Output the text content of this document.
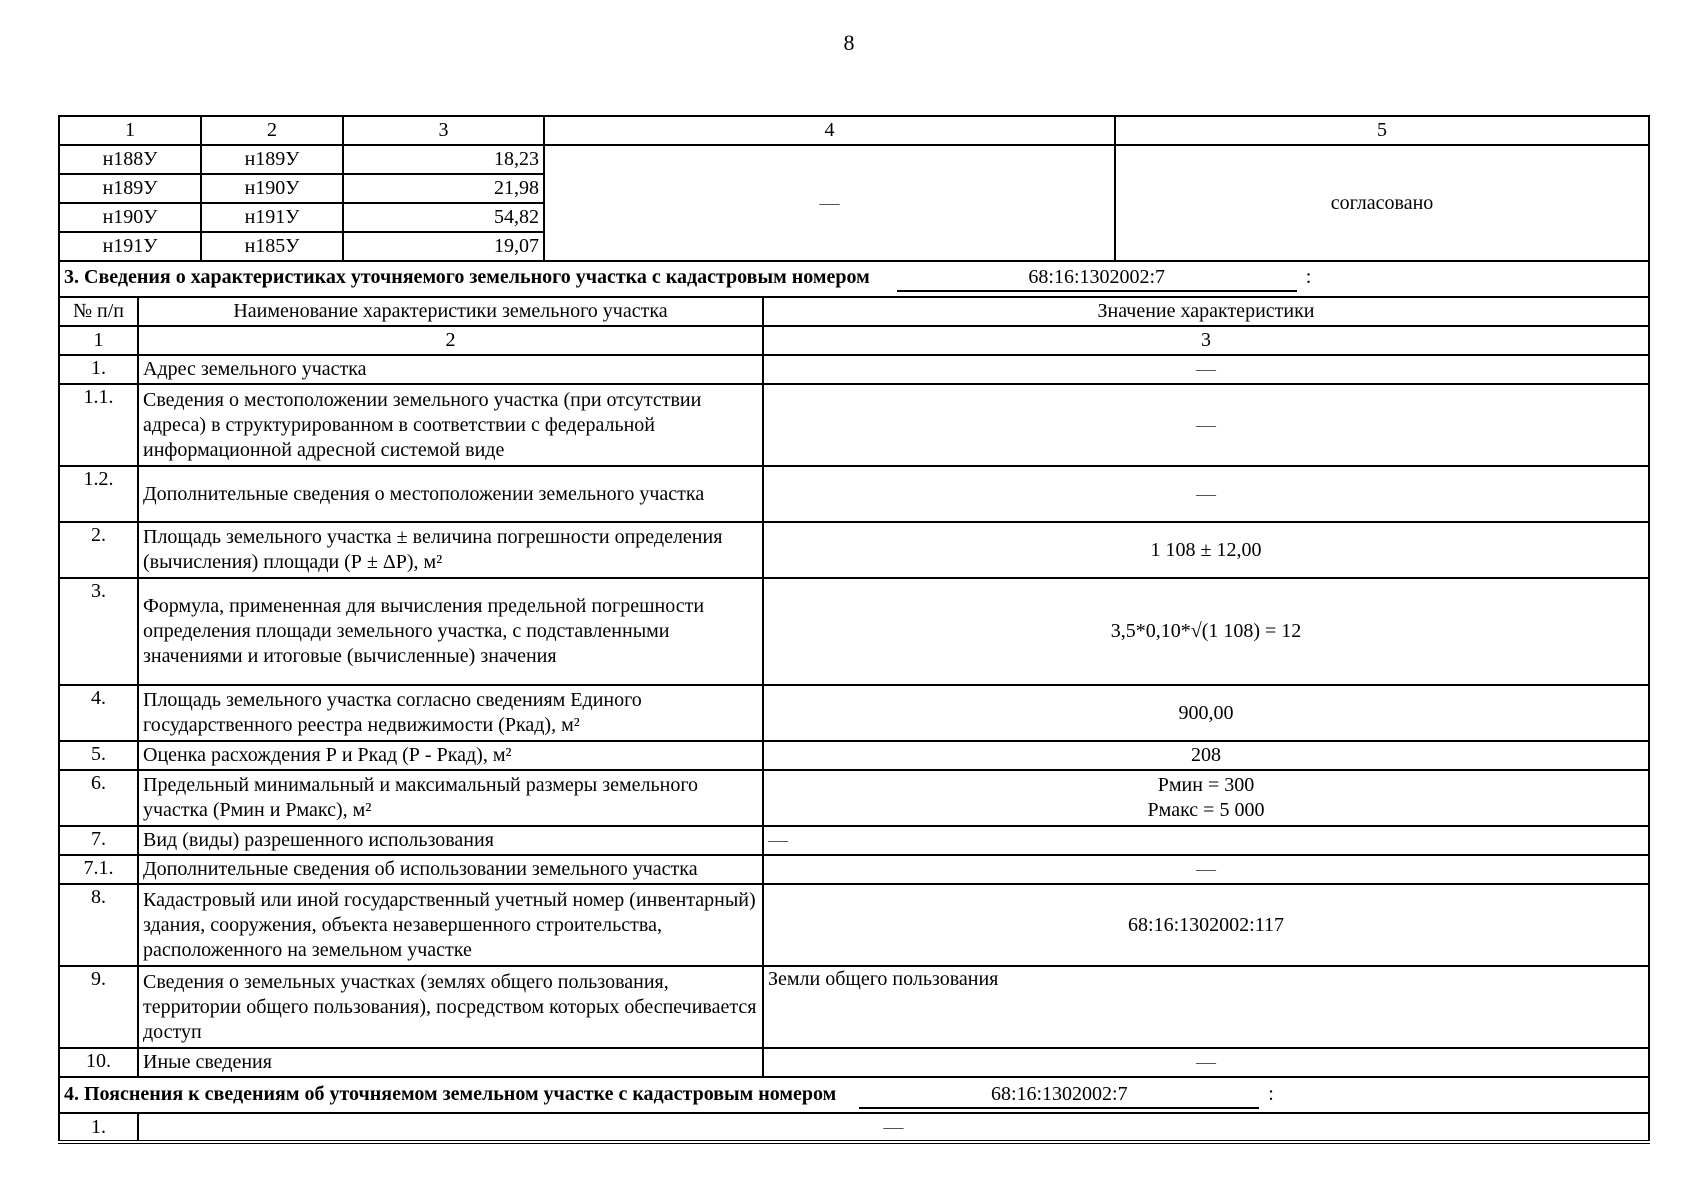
8
1	2	3	4	5
н188У	н189У	18,23	—	согласовано
н189У	н190У	21,98		
н190У	н191У	54,82		
н191У	н185У	19,07		
3. Сведения о характеристиках уточняемого земельного участка с кадастровым номером 68:16:1302002:7 :		
№ п/п	Наименование характеристики земельного участка	Значение характеристики
1	2	3
1.	Адрес земельного участка	—
1.1.	Сведения о местоположении земельного участка (при отсутствии адреса) в структурированном в соответствии с федеральной информационной адресной системой виде	—
1.2.	Дополнительные сведения о местоположении земельного участка	—
2.	Площадь земельного участка ± величина погрешности определения (вычисления) площади (Р ± ΔР), м²	1 108 ± 12,00
3.	Формула, примененная для вычисления предельной погрешности определения площади земельного участка, с подставленными значениями и итоговые (вычисленные) значения	3,5*0,10*√(1 108) = 12
4.	Площадь земельного участка согласно сведениям Единого государственного реестра недвижимости (Ркад), м²	900,00
5.	Оценка расхождения Р и Ркад (Р - Ркад), м²	208
6.	Предельный минимальный и максимальный размеры земельного участка (Рмин и Рмакс), м²	Рмин = 300
Рмакс = 5 000

7.	Вид (виды) разрешенного использования	—
7.1.	Дополнительные сведения об использовании земельного участка	—
8.	Кадастровый или иной государственный учетный номер (инвентарный) здания, сооружения, объекта незавершенного строительства, расположенного на земельном участке	68:16:1302002:117
9.	Сведения о земельных участках (землях общего пользования, территории общего пользования), посредством которых обеспечивается доступ	Земли общего пользования
10.	Иные сведения	—
4. Пояснения к сведениям об уточняемом земельном участке с кадастровым номером 68:16:1302002:7 :		
1.	—	
